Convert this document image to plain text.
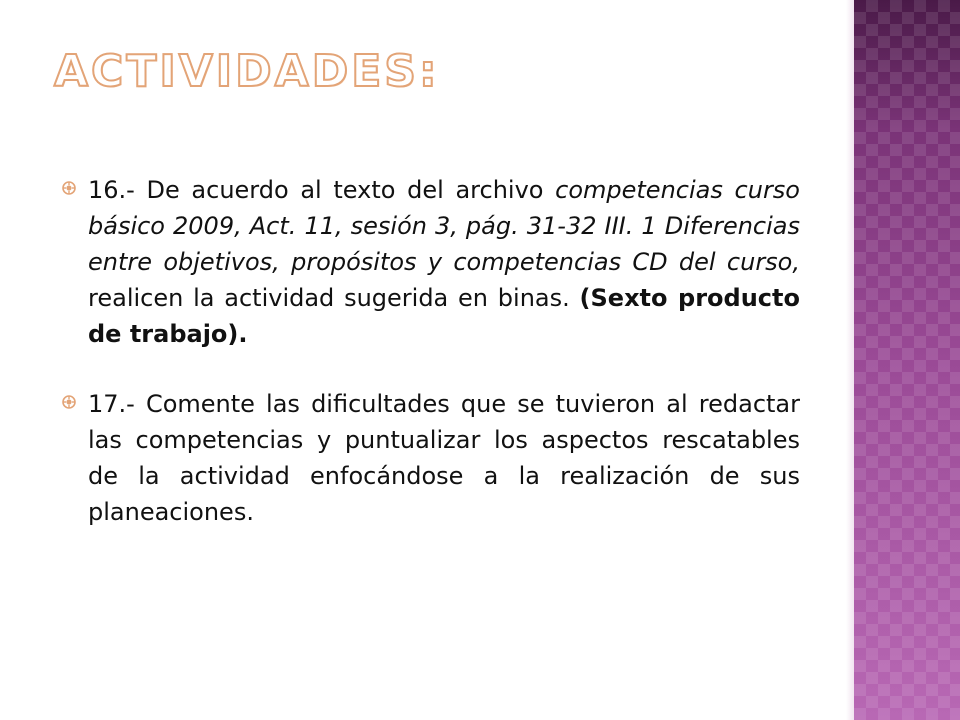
ACTIVIDADES:
16.- De acuerdo al texto del archivo competencias curso básico 2009, Act. 11, sesión 3, pág. 31-32 III. 1 Diferencias entre objetivos, propósitos y competencias CD del curso, realicen la actividad sugerida en binas. (Sexto producto de trabajo).
17.- Comente las dificultades que se tuvieron al redactar las competencias y puntualizar los aspectos rescatables de la actividad enfocándose a la realización de sus planeaciones.
